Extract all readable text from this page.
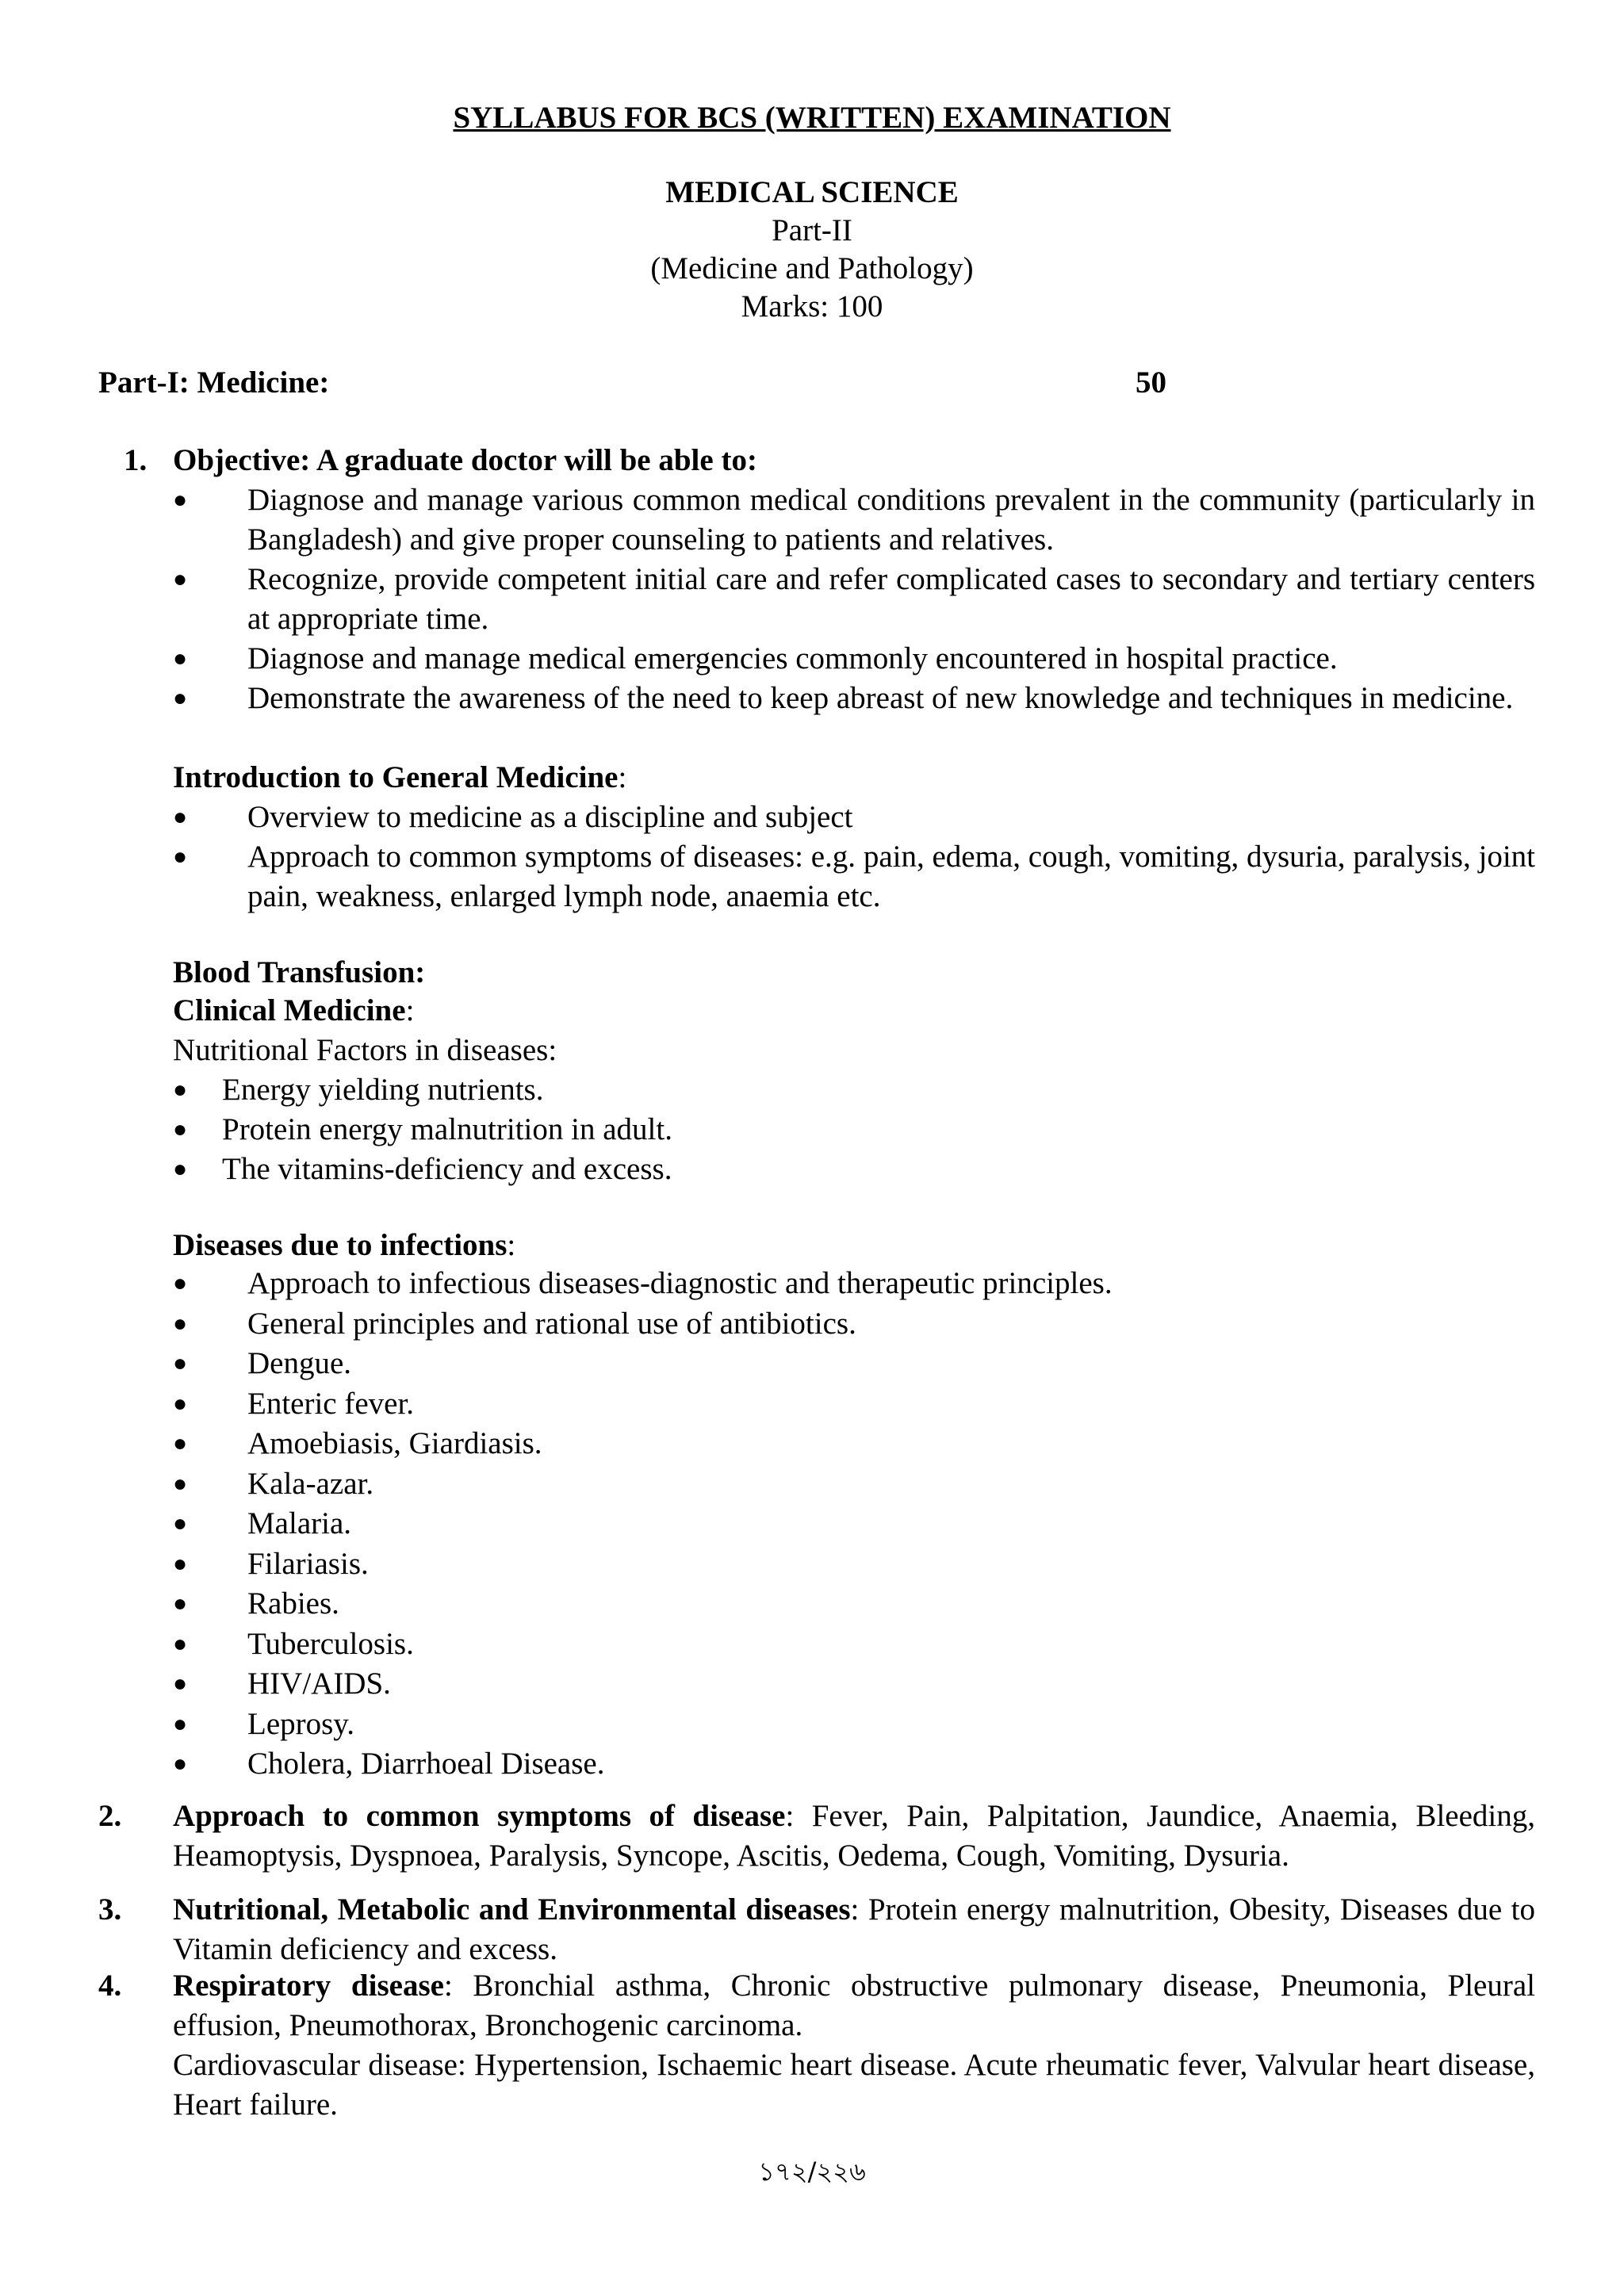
SYLLABUS FOR BCS (WRITTEN) EXAMINATION
MEDICAL SCIENCE
Part-II
(Medicine and Pathology)
Marks: 100
Part-I: Medicine:	50
1. Objective: A graduate doctor will be able to:
● Diagnose and manage various common medical conditions prevalent in the community (particularly in Bangladesh) and give proper counseling to patients and relatives.
● Recognize, provide competent initial care and refer complicated cases to secondary and tertiary centers at appropriate time.
● Diagnose and manage medical emergencies commonly encountered in hospital practice.
● Demonstrate the awareness of the need to keep abreast of new knowledge and techniques in medicine.
Introduction to General Medicine:
● Overview to medicine as a discipline and subject
● Approach to common symptoms of diseases: e.g. pain, edema, cough, vomiting, dysuria, paralysis, joint pain, weakness, enlarged lymph node, anaemia etc.
Blood Transfusion:
Clinical Medicine:
Nutritional Factors in diseases:
● Energy yielding nutrients.
● Protein energy malnutrition in adult.
● The vitamins-deficiency and excess.
Diseases due to infections:
● Approach to infectious diseases-diagnostic and therapeutic principles.
● General principles and rational use of antibiotics.
● Dengue.
● Enteric fever.
● Amoebiasis, Giardiasis.
● Kala-azar.
● Malaria.
● Filariasis.
● Rabies.
● Tuberculosis.
● HIV/AIDS.
● Leprosy.
● Cholera, Diarrhoeal Disease.
2. Approach to common symptoms of disease: Fever, Pain, Palpitation, Jaundice, Anaemia, Bleeding, Heamoptysis, Dyspnoea, Paralysis, Syncope, Ascitis, Oedema, Cough, Vomiting, Dysuria.
3. Nutritional, Metabolic and Environmental diseases: Protein energy malnutrition, Obesity, Diseases due to Vitamin deficiency and excess.
4. Respiratory disease: Bronchial asthma, Chronic obstructive pulmonary disease, Pneumonia, Pleural effusion, Pneumothorax, Bronchogenic carcinoma.
Cardiovascular disease: Hypertension, Ischaemic heart disease. Acute rheumatic fever, Valvular heart disease, Heart failure.
১৭২/২২৬
